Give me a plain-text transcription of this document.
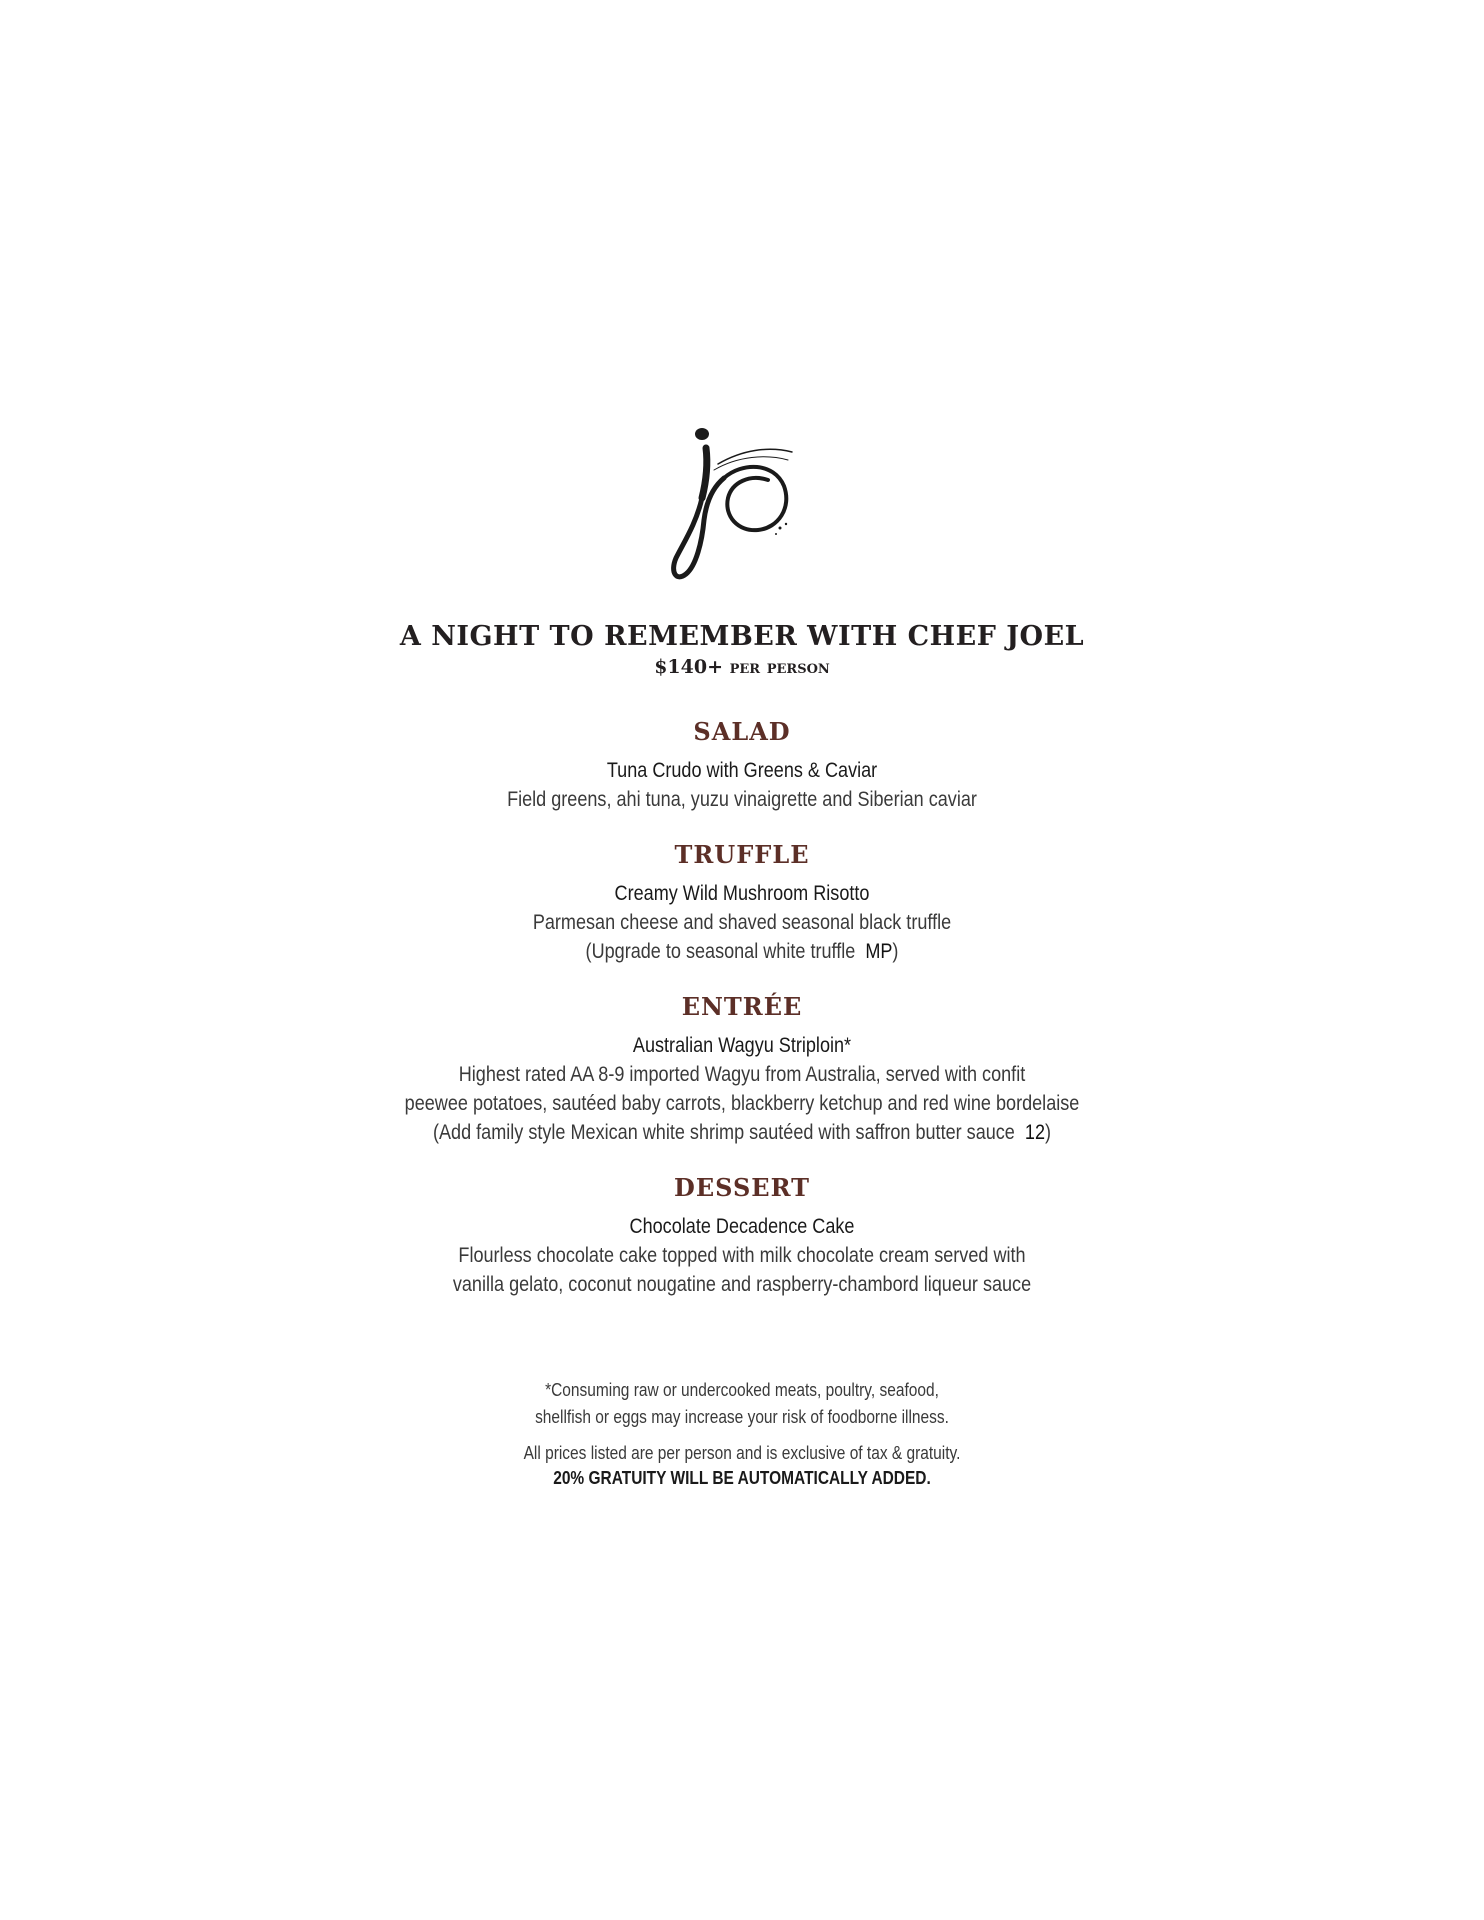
A NIGHT TO REMEMBER WITH CHEF JOEL
$140+ per person
SALAD
Tuna Crudo with Greens & Caviar
Field greens, ahi tuna, yuzu vinaigrette and Siberian caviar
TRUFFLE
Creamy Wild Mushroom Risotto
Parmesan cheese and shaved seasonal black truffle
(Upgrade to seasonal white truffle MP)
ENTRÉE
Australian Wagyu Striploin*
Highest rated AA 8-9 imported Wagyu from Australia, served with confit
peewee potatoes, sautéed baby carrots, blackberry ketchup and red wine bordelaise
(Add family style Mexican white shrimp sautéed with saffron butter sauce 12)
DESSERT
Chocolate Decadence Cake
Flourless chocolate cake topped with milk chocolate cream served with
vanilla gelato, coconut nougatine and raspberry-chambord liqueur sauce
*Consuming raw or undercooked meats, poultry, seafood,
shellfish or eggs may increase your risk of foodborne illness.
All prices listed are per person and is exclusive of tax & gratuity.
20% GRATUITY WILL BE AUTOMATICALLY ADDED.
